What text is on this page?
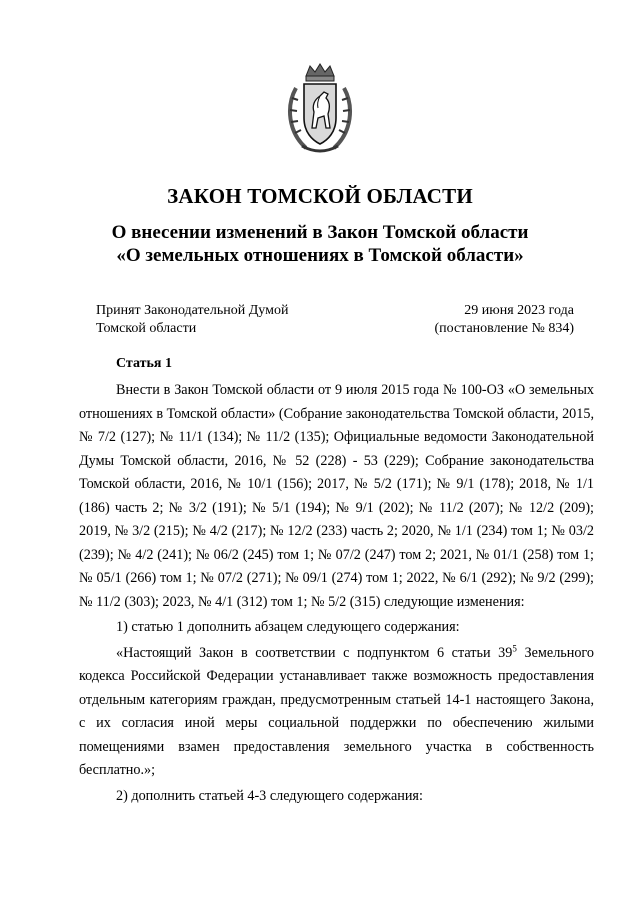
ЗАКОН ТОМСКОЙ ОБЛАСТИ
О внесении изменений в Закон Томской области
«О земельных отношениях в Томской области»
Принят Законодательной Думой
Томской области
29 июня 2023 года
(постановление № 834)
Статья 1

Внести в Закон Томской области от 9 июля 2015 года № 100-ОЗ «О земельных отношениях в Томской области» (Собрание законодательства Томской области, 2015, № 7/2 (127); № 11/1 (134); № 11/2 (135); Официальные ведомости Законодательной Думы Томской области, 2016, № 52 (228) - 53 (229); Собрание законодательства Томской области, 2016, № 10/1 (156); 2017, № 5/2 (171); № 9/1 (178); 2018, № 1/1 (186) часть 2; № 3/2 (191); № 5/1 (194); № 9/1 (202); № 11/2 (207); № 12/2 (209); 2019, № 3/2 (215); № 4/2 (217); № 12/2 (233) часть 2; 2020, № 1/1 (234) том 1; № 03/2 (239); № 4/2 (241); № 06/2 (245) том 1; № 07/2 (247) том 2; 2021, № 01/1 (258) том 1; № 05/1 (266) том 1; № 07/2 (271); № 09/1 (274) том 1; 2022, № 6/1 (292); № 9/2 (299); № 11/2 (303); 2023, № 4/1 (312) том 1; № 5/2 (315) следующие изменения:

1) статью 1 дополнить абзацем следующего содержания:

«Настоящий Закон в соответствии с подпунктом 6 статьи $39^5$ Земельного кодекса Российской Федерации устанавливает также возможность предоставления отдельным категориям граждан, предусмотренным статьей 14-1 настоящего Закона, с их согласия иной меры социальной поддержки по обеспечению жилыми помещениями взамен предоставления земельного участка в собственность бесплатно.»;

2) дополнить статьей 4-3 следующего содержания:
